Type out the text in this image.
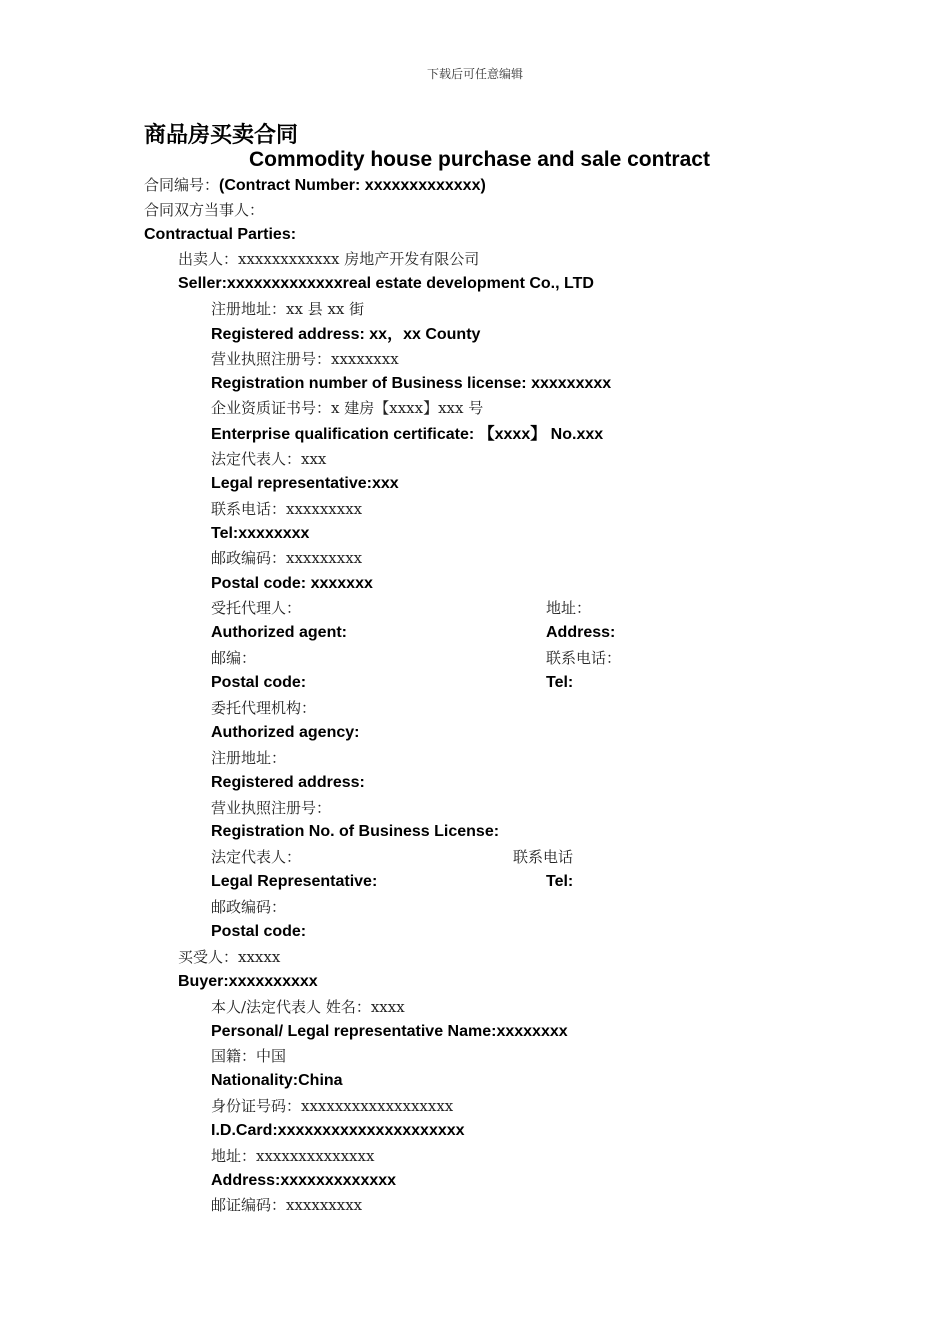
下载后可任意编辑
商品房买卖合同
Commodity house purchase and sale contract
合同编号：(Contract Number: xxxxxxxxxxxxx)
合同双方当事人：
Contractual Parties:
出卖人：xxxxxxxxxxxx 房地产开发有限公司
Seller:xxxxxxxxxxxxxreal estate development Co., LTD
注册地址：xx 县 xx 街
Registered address: xx，xx County
营业执照注册号：xxxxxxxx
Registration number of Business license: xxxxxxxxx
企业资质证书号：x 建房【xxxx】xxx 号
Enterprise qualification certificate: 【xxxx】 No.xxx
法定代表人：xxx
Legal representative:xxx
联系电话：xxxxxxxxx
Tel:xxxxxxxx
邮政编码：xxxxxxxxx
Postal code: xxxxxxx
受托代理人：	地址：
Authorized agent:	Address:
邮编：	联系电话：
Postal code:	Tel:
委托代理机构：
Authorized agency:
注册地址：
Registered address:
营业执照注册号：
Registration No. of Business License:
法定代表人：	联系电话
Legal Representative:	Tel:
邮政编码：
Postal code:
买受人：xxxxx
Buyer:xxxxxxxxxx
本人/法定代表人 姓名：xxxx
Personal/ Legal representative Name:xxxxxxxx
国籍：中国
Nationality:China
身份证号码：xxxxxxxxxxxxxxxxxx
I.D.Card:xxxxxxxxxxxxxxxxxxxxx
地址：xxxxxxxxxxxxxx
Address:xxxxxxxxxxxxx
邮证编码：xxxxxxxxx
